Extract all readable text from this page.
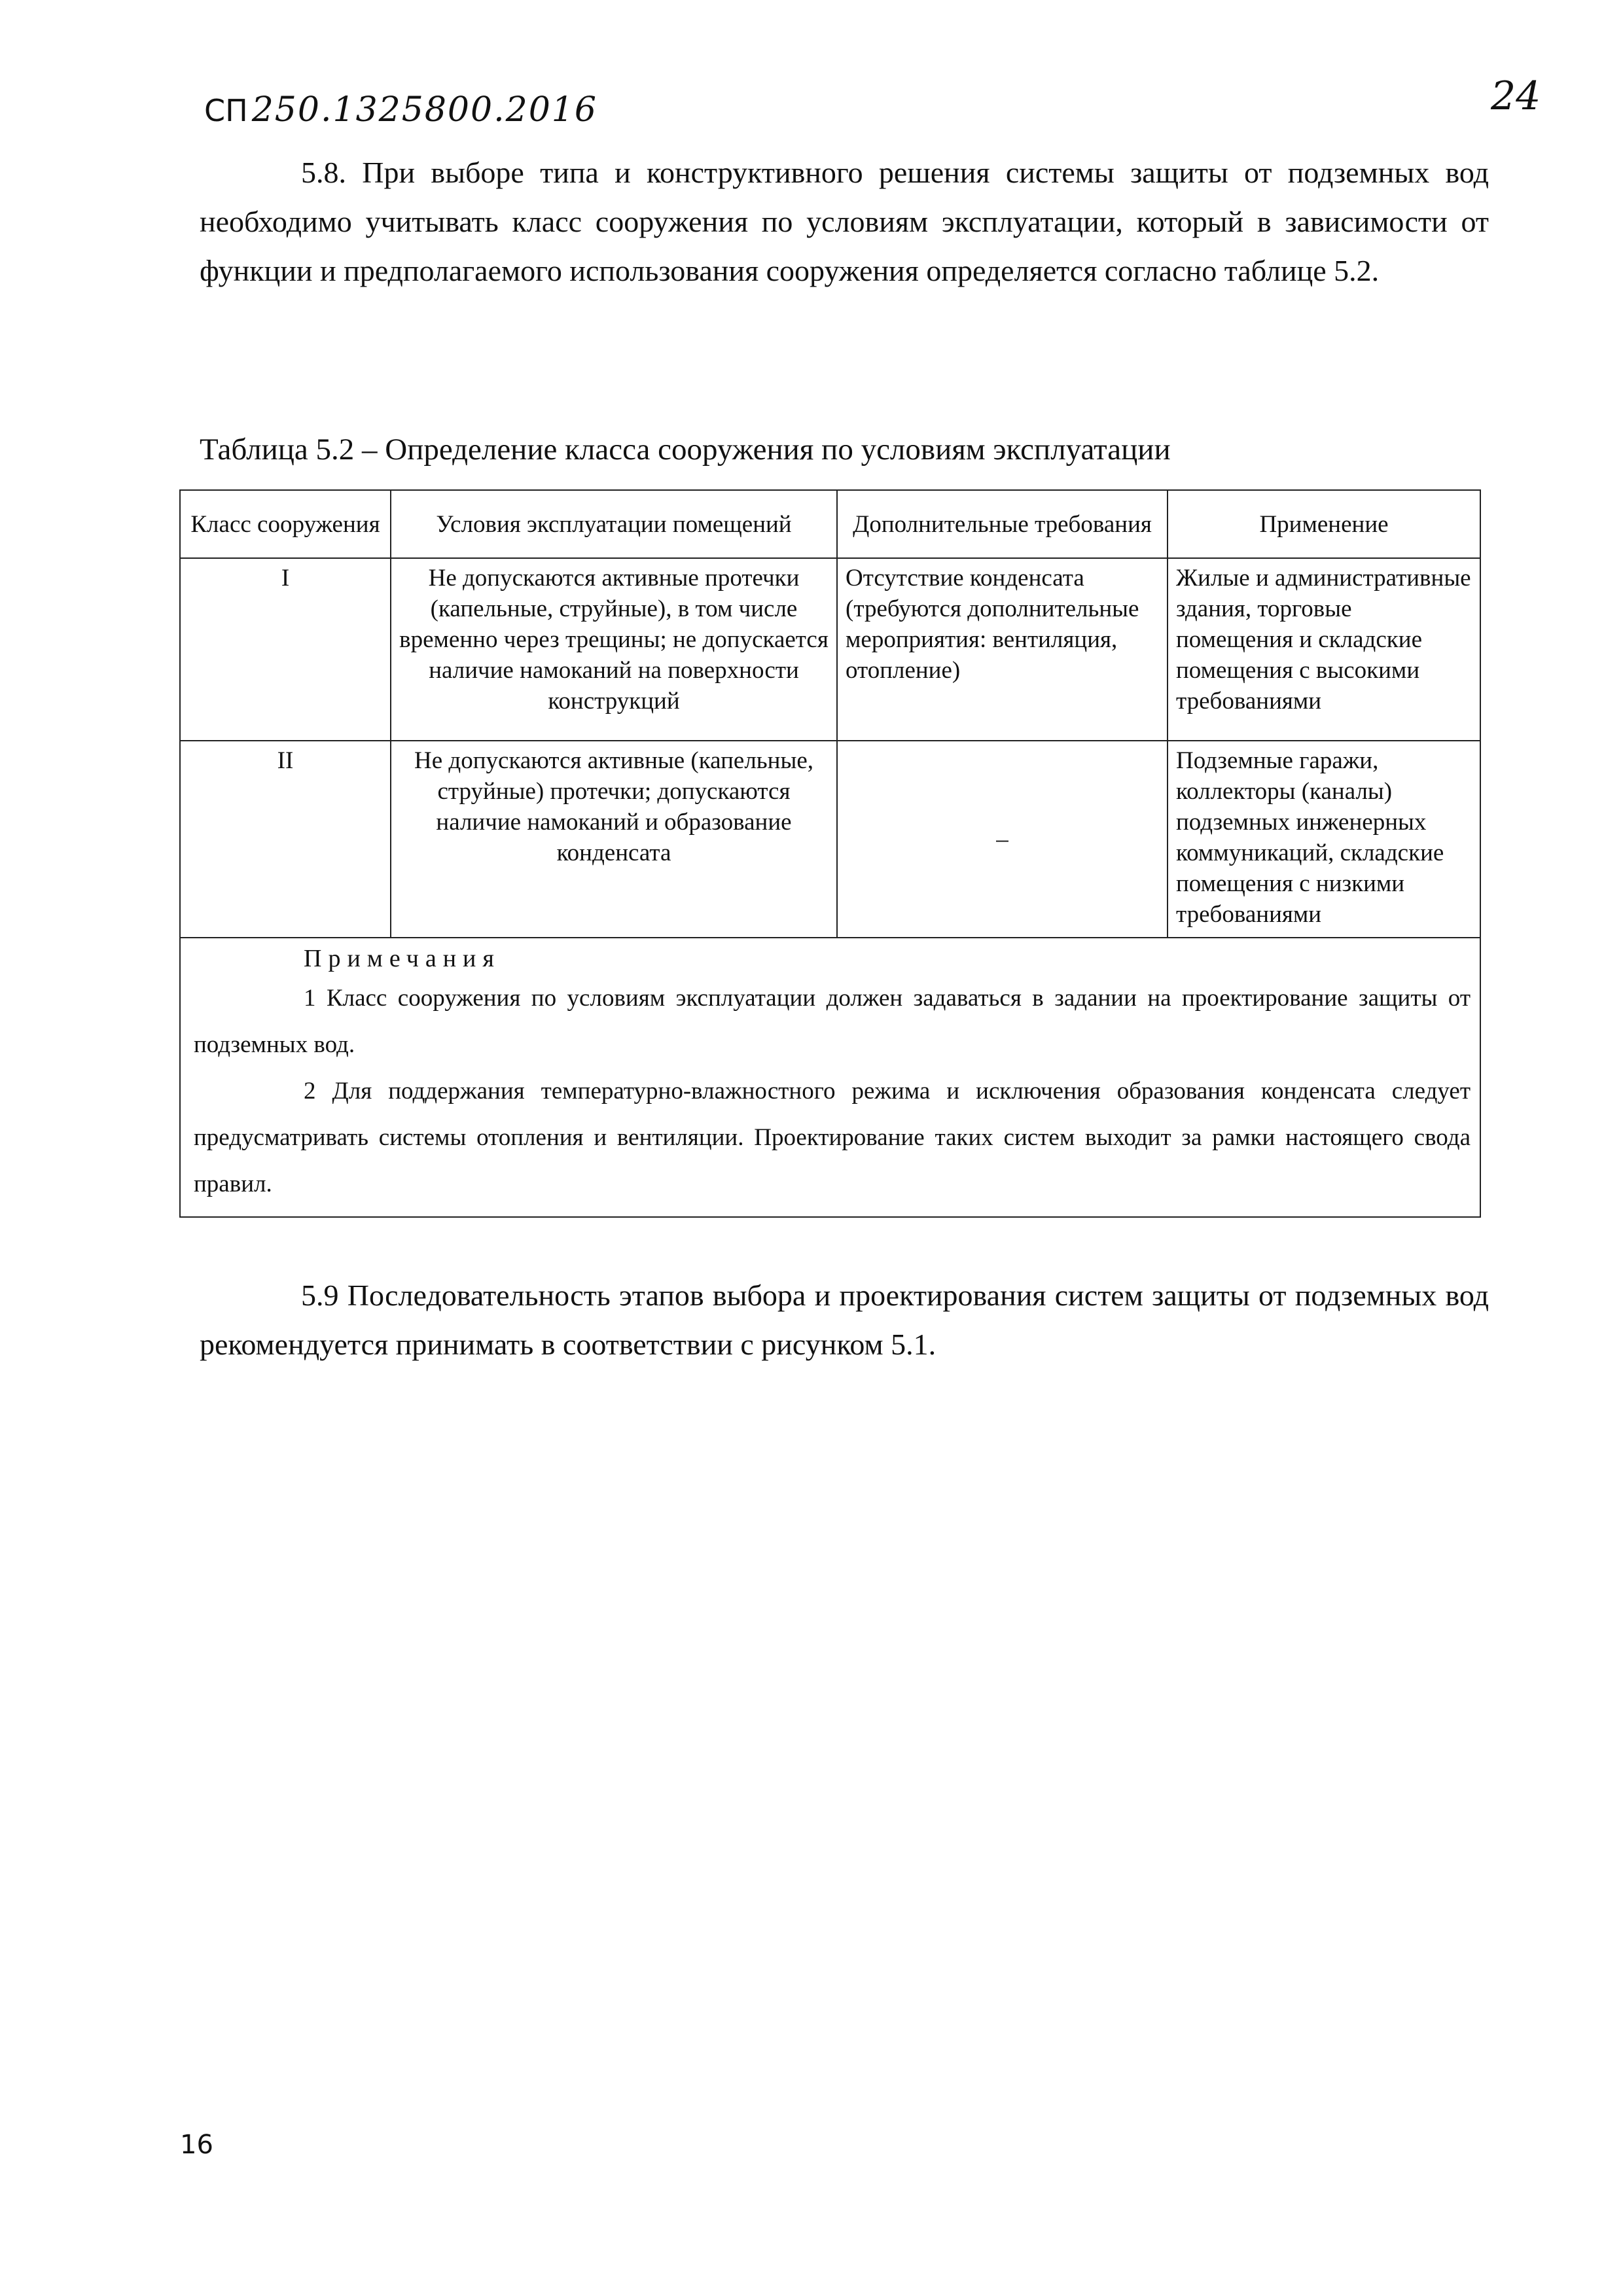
СП 250.1325800.2016	24

5.8. При выборе типа и конструктивного решения системы защиты от подземных вод необходимо учитывать класс сооружения по условиям эксплуатации, который в зависимости от функции и предполагаемого использования сооружения определяется согласно таблице 5.2.

Таблица 5.2 – Определение класса сооружения по условиям эксплуатации
Класс сооружения	Условия эксплуатации помещений	Дополнительные требования	Применение
I	Не допускаются активные протечки (капельные, струйные), в том числе временно через трещины; не допускается наличие намоканий на поверхности конструкций	Отсутствие конденсата (требуются дополнительные мероприятия: вентиляция, отопление)	Жилые и административные здания, торговые помещения и складские помещения с высокими требованиями
II	Не допускаются активные (капельные, струйные) протечки; допускаются наличие намоканий и образование конденсата	–	Подземные гаражи, коллекторы (каналы) подземных инженерных коммуникаций, складские помещения с низкими требованиями

Примечания
1 Класс сооружения по условиям эксплуатации должен задаваться в задании на проектирование защиты от подземных вод.
2 Для поддержания температурно-влажностного режима и исключения образования конденсата следует предусматривать системы отопления и вентиляции. Проектирование таких систем выходит за рамки настоящего свода правил.			

5.9 Последовательность этапов выбора и проектирования систем защиты от подземных вод рекомендуется принимать в соответствии с рисунком 5.1.

16
